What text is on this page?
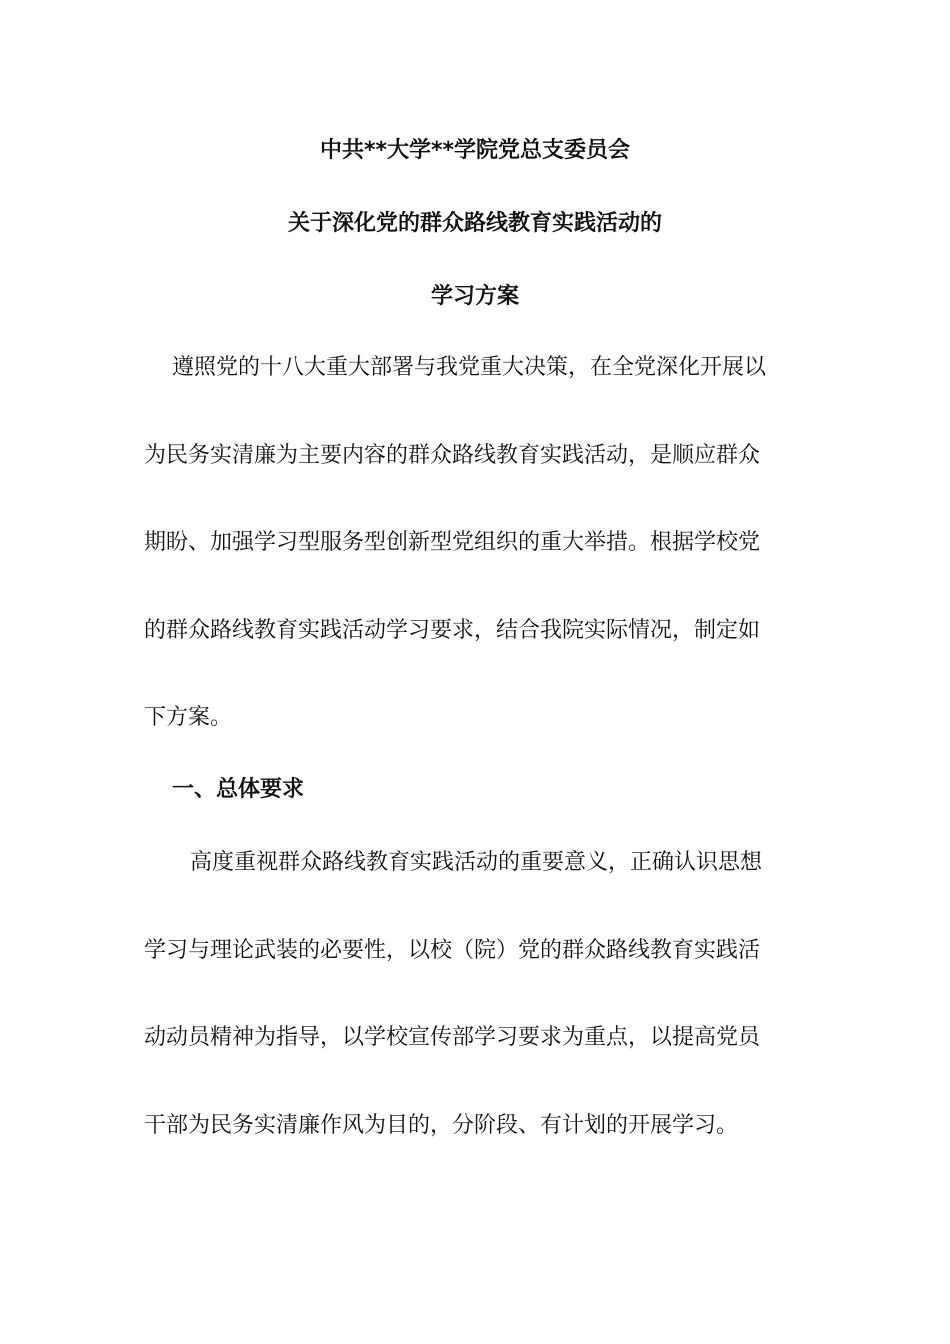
中共**大学**学院党总支委员会
关于深化党的群众路线教育实践活动的
学习方案

遵照党的十八大重大部署与我党重大决策，在全党深化开展以

为民务实清廉为主要内容的群众路线教育实践活动，是顺应群众

期盼、加强学习型服务型创新型党组织的重大举措。根据学校党

的群众路线教育实践活动学习要求，结合我院实际情况，制定如

下方案。

一、总体要求

高度重视群众路线教育实践活动的重要意义，正确认识思想

学习与理论武装的必要性，以校（院）党的群众路线教育实践活

动动员精神为指导，以学校宣传部学习要求为重点，以提高党员

干部为民务实清廉作风为目的，分阶段、有计划的开展学习。
